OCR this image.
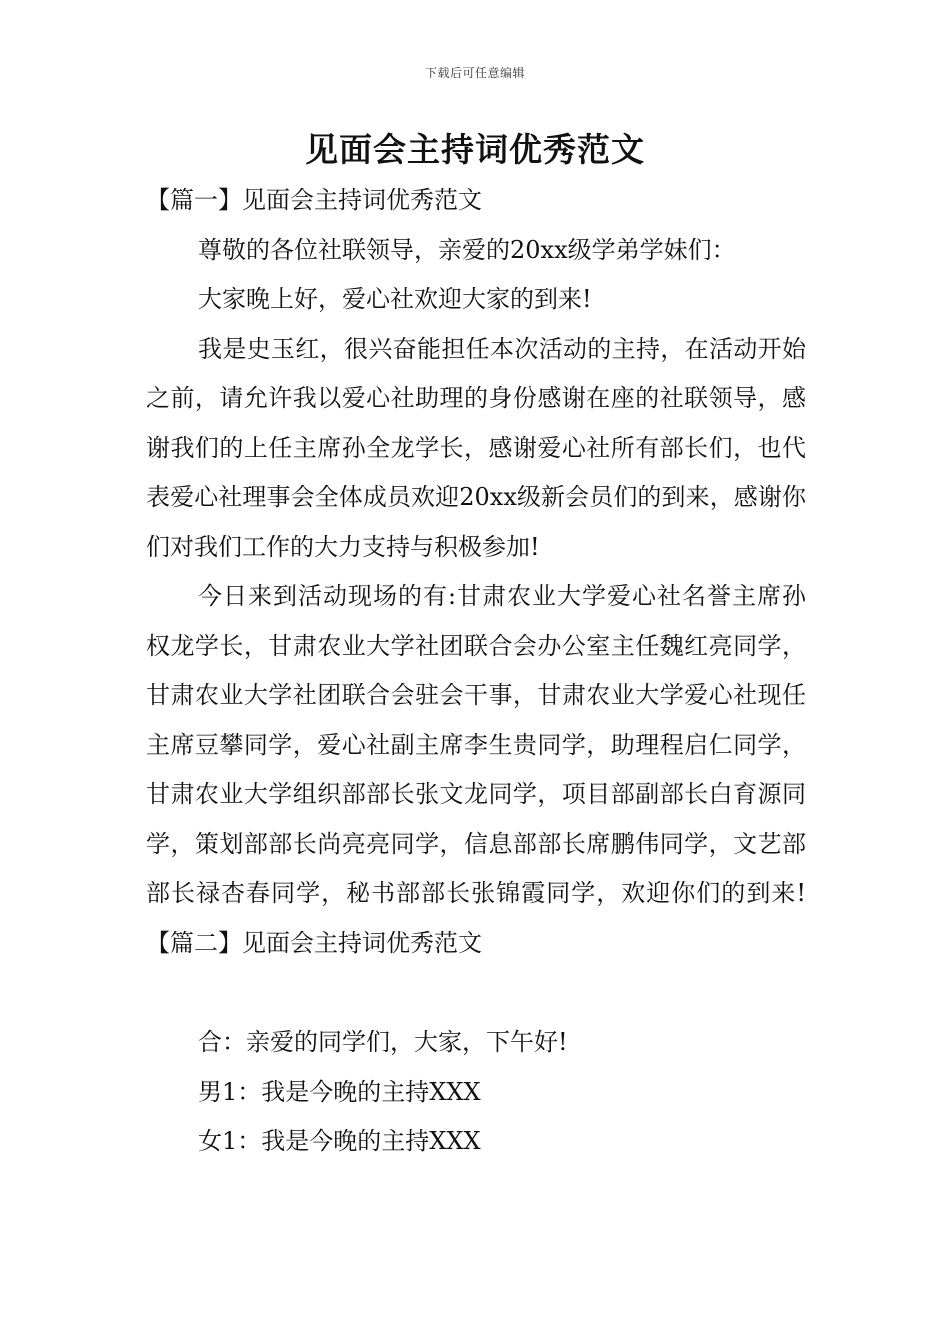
下载后可任意编辑
见面会主持词优秀范文

【篇一】见面会主持词优秀范文

尊敬的各位社联领导，亲爱的20xx级学弟学妹们：

大家晚上好，爱心社欢迎大家的到来!

我是史玉红，很兴奋能担任本次活动的主持，在活动开始之前，请允许我以爱心社助理的身份感谢在座的社联领导，感谢我们的上任主席孙全龙学长，感谢爱心社所有部长们，也代表爱心社理事会全体成员欢迎20xx级新会员们的到来，感谢你们对我们工作的大力支持与积极参加!

今日来到活动现场的有:甘肃农业大学爱心社名誉主席孙权龙学长，甘肃农业大学社团联合会办公室主任魏红亮同学，甘肃农业大学社团联合会驻会干事，甘肃农业大学爱心社现任主席豆攀同学，爱心社副主席李生贵同学，助理程启仁同学，甘肃农业大学组织部部长张文龙同学，项目部副部长白育源同学，策划部部长尚亮亮同学，信息部部长席鹏伟同学，文艺部部长禄杏春同学，秘书部部长张锦霞同学，欢迎你们的到来!【篇二】见面会主持词优秀范文

合：亲爱的同学们，大家，下午好!

男1：我是今晚的主持XXX

女1：我是今晚的主持XXX
